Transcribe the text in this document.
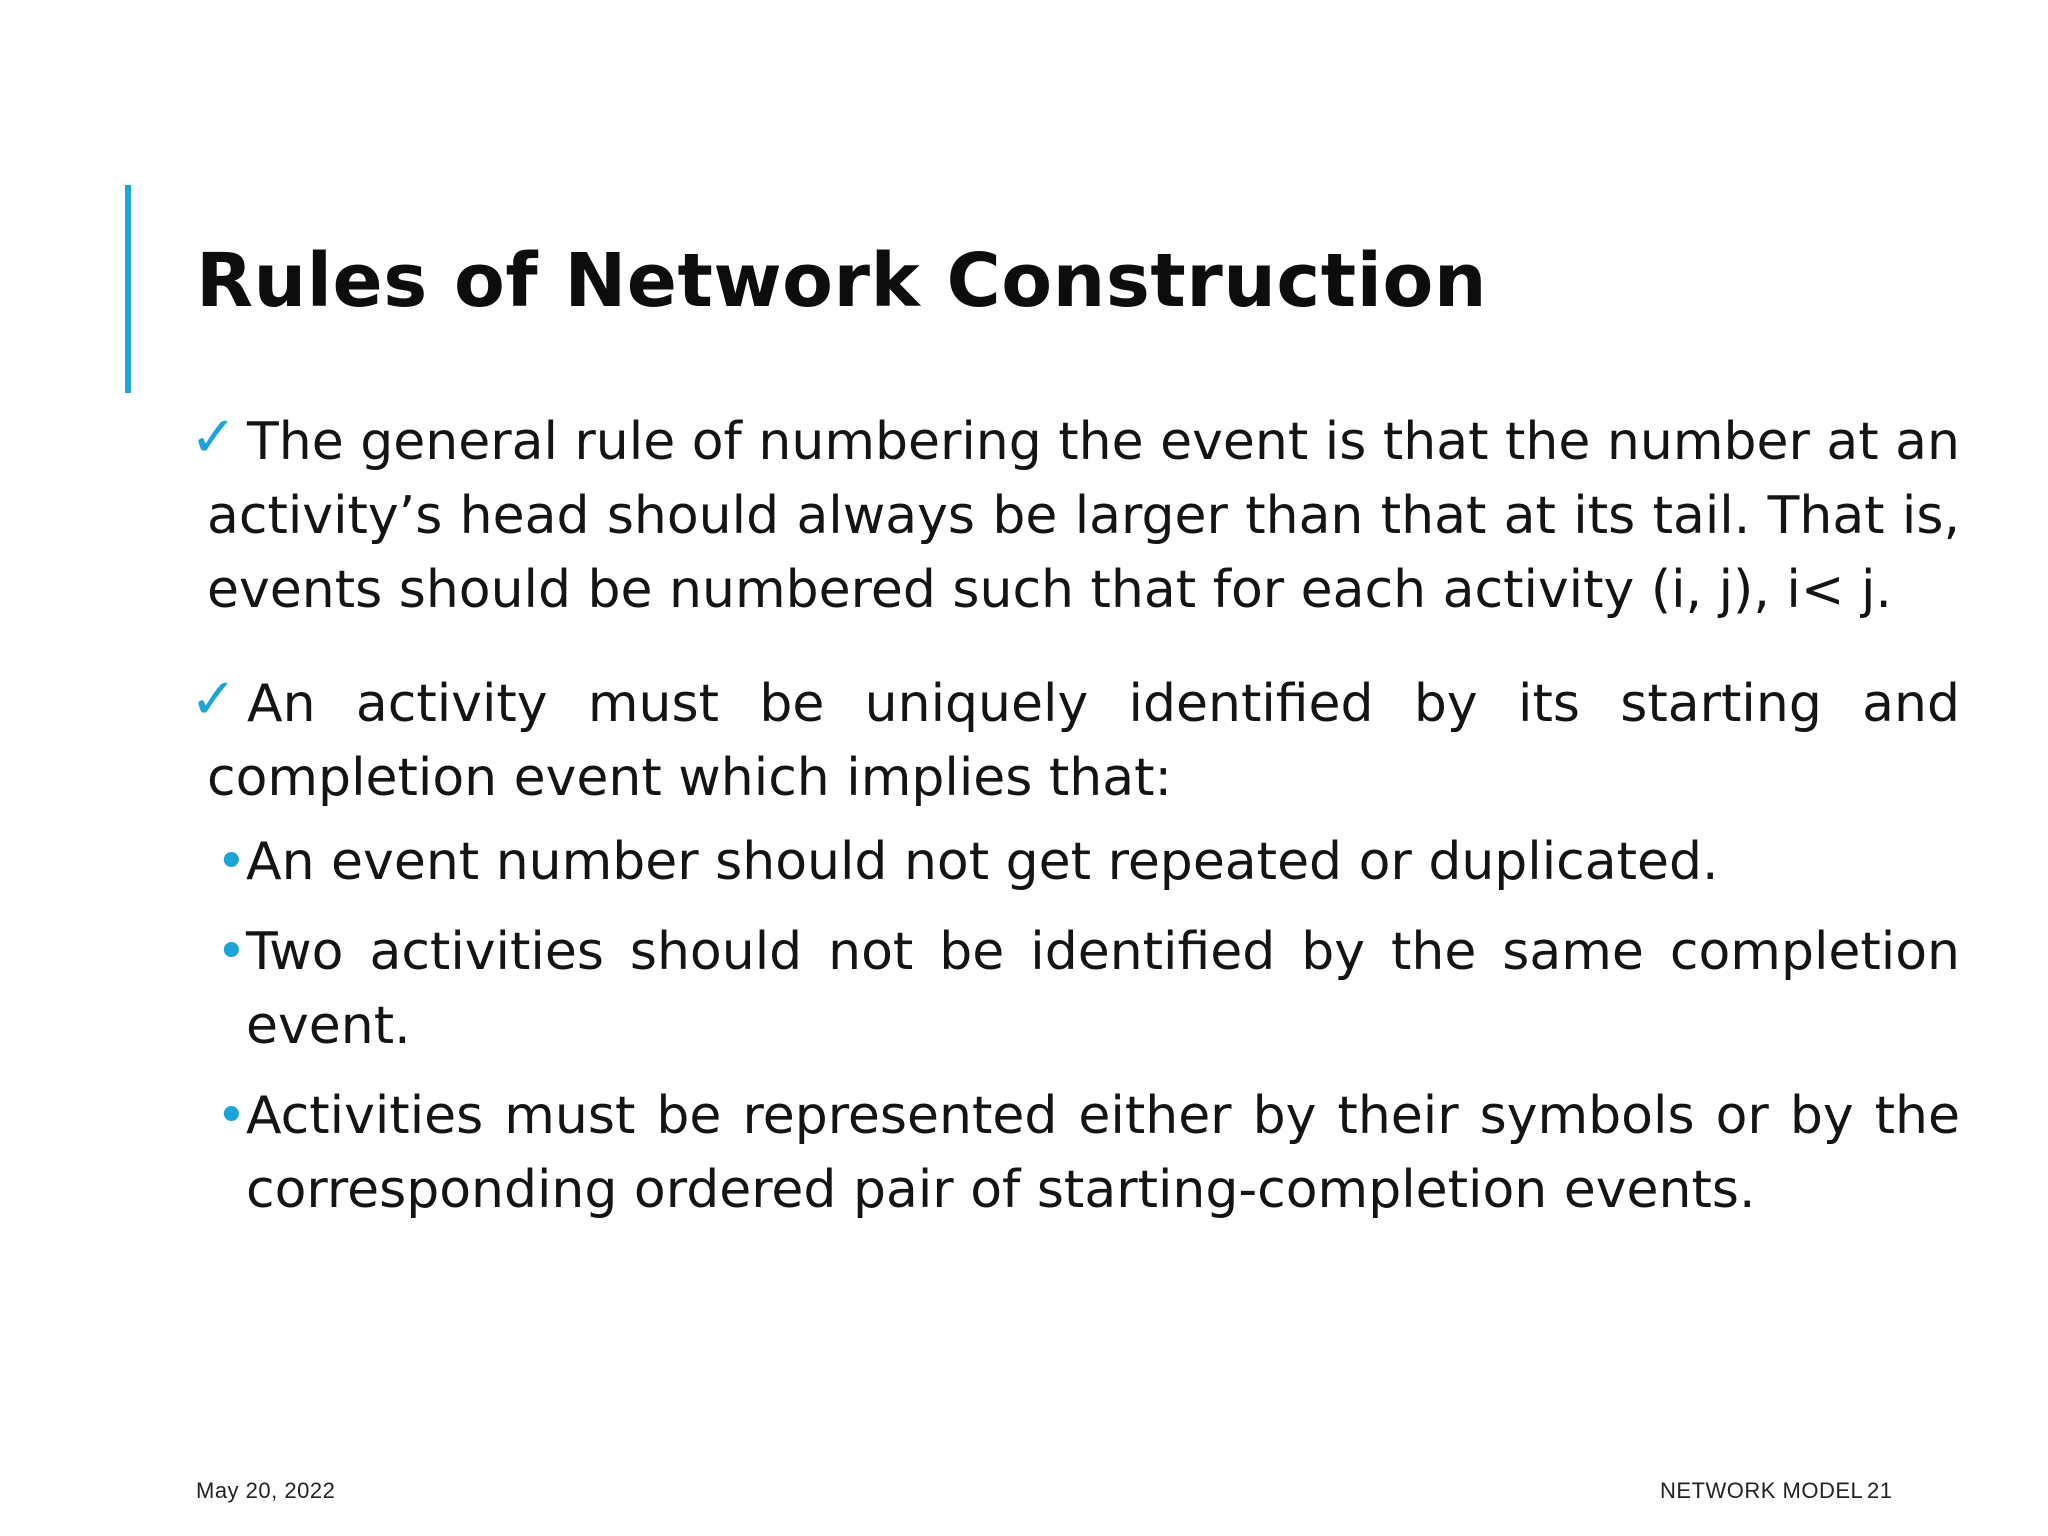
Rules of Network Construction
✓ The general rule of numbering the event is that the number at an activity’s head should always be larger than that at its tail. That is, events should be numbered such that for each activity (i, j), i< j.
✓ An activity must be uniquely identified by its starting and completion event which implies that:
• An event number should not get repeated or duplicated.
• Two activities should not be identified by the same completion event.
• Activities must be represented either by their symbols or by the corresponding ordered pair of starting-completion events.
May 20, 2022	NETWORK MODEL 21
